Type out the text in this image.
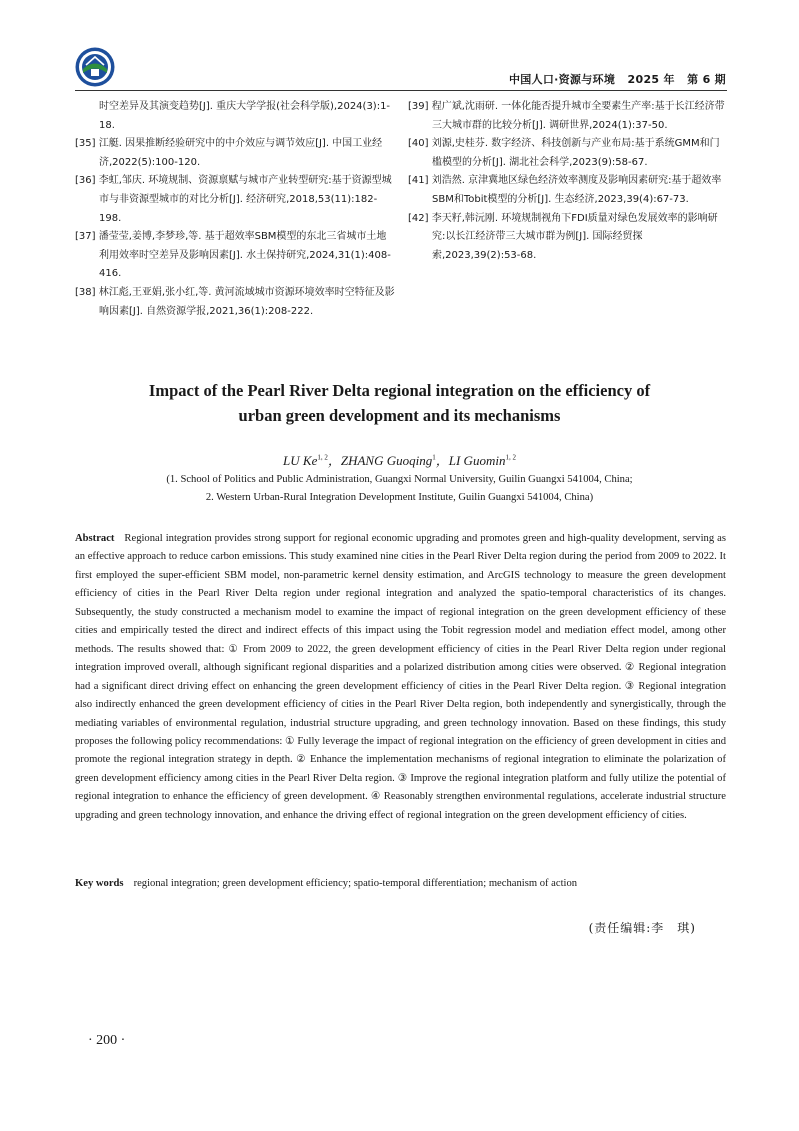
中国人口·资源与环境 2025 年 第 6 期

时空差异及其演变趋势[J]. 重庆大学学报(社会科学版),2024(3):1-18.

[35] 江艇. 因果推断经验研究中的中介效应与调节效应[J]. 中国工业经济,2022(5):100-120.

[36] 李虹,邹庆. 环境规制、资源禀赋与城市产业转型研究:基于资源型城市与非资源型城市的对比分析[J]. 经济研究,2018,53(11):182-198.

[37] 潘莹莹,姜博,李梦珍,等. 基于超效率SBM模型的东北三省城市土地利用效率时空差异及影响因素[J]. 水土保持研究,2024,31(1):408-416.

[38] 林江彪,王亚娟,张小红,等. 黄河流域城市资源环境效率时空特征及影响因素[J]. 自然资源学报,2021,36(1):208-222.

[39] 程广斌,沈雨研. 一体化能否提升城市全要素生产率:基于长江经济带三大城市群的比较分析[J]. 调研世界,2024(1):37-50.

[40] 刘源,史桂芬. 数字经济、科技创新与产业布局:基于系统GMM和门槛模型的分析[J]. 湖北社会科学,2023(9):58-67.

[41] 刘浩然. 京津冀地区绿色经济效率测度及影响因素研究:基于超效率SBM和Tobit模型的分析[J]. 生态经济,2023,39(4):67-73.

[42] 李天籽,韩沅刚. 环境规制视角下FDI质量对绿色发展效率的影响研究:以长江经济带三大城市群为例[J]. 国际经贸探索,2023,39(2):53-68.

Impact of the Pearl River Delta regional integration on the efficiency of
urban green development and its mechanisms
LU Ke$^{1, 2}$，ZHANG Guoqing$^1$，LI Guomin$^{1, 2}$
(1. School of Politics and Public Administration, Guangxi Normal University, Guilin Guangxi 541004, China;
2. Western Urban-Rural Integration Development Institute, Guilin Guangxi 541004, China)

Abstract Regional integration provides strong support for regional economic upgrading and promotes green and high-quality development, serving as an effective approach to reduce carbon emissions. This study examined nine cities in the Pearl River Delta region during the period from 2009 to 2022. It first employed the super-efficient SBM model, non-parametric kernel density estimation, and ArcGIS technology to measure the green development efficiency of cities in the Pearl River Delta region under regional integration and analyzed the spatio-temporal characteristics of its changes. Subsequently, the study constructed a mechanism model to examine the impact of regional integration on the green development efficiency of these cities and empirically tested the direct and indirect effects of this impact using the Tobit regression model and mediation effect model, among other methods. The results showed that: ① From 2009 to 2022, the green development efficiency of cities in the Pearl River Delta region under regional integration improved overall, although significant regional disparities and a polarized distribution among cities were observed. ② Regional integration had a significant direct driving effect on enhancing the green development efficiency of cities in the Pearl River Delta region. ③ Regional integration also indirectly enhanced the green development efficiency of cities in the Pearl River Delta region, both independently and synergistically, through the mediating variables of environmental regulation, industrial structure upgrading, and green technology innovation. Based on these findings, this study proposes the following policy recommendations: ① Fully leverage the impact of regional integration on the efficiency of green development in cities and promote the regional integration strategy in depth. ② Enhance the implementation mechanisms of regional integration to eliminate the polarization of green development efficiency among cities in the Pearl River Delta region. ③ Improve the regional integration platform and fully utilize the potential of regional integration to enhance the efficiency of green development. ④ Reasonably strengthen environmental regulations, accelerate industrial structure upgrading and green technology innovation, and enhance the driving effect of regional integration on the green development efficiency of cities.

Key words regional integration; green development efficiency; spatio-temporal differentiation; mechanism of action

(责任编辑:李　琪)
· 200 ·
